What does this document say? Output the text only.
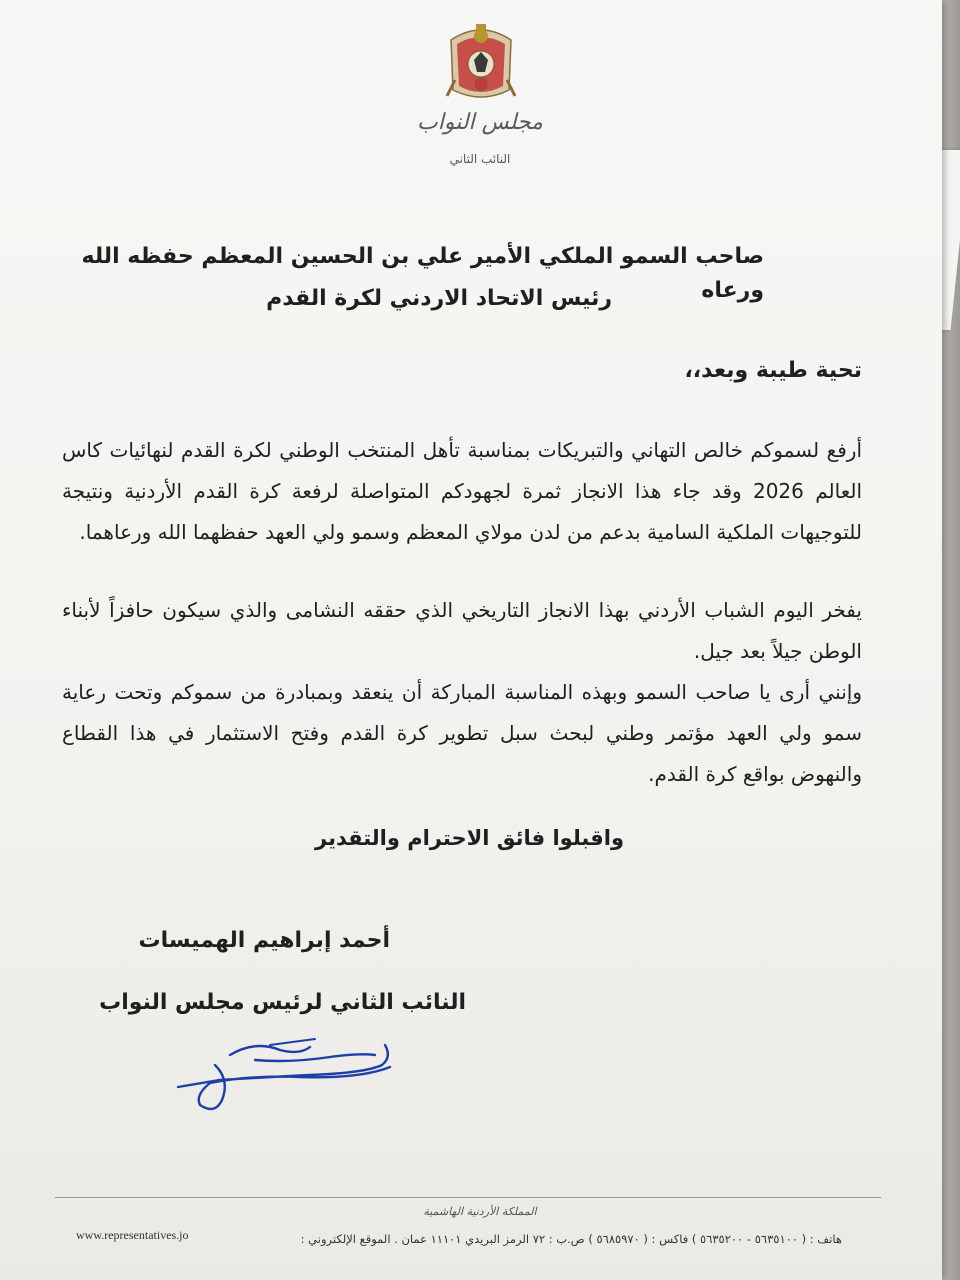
مجلس النواب
النائب الثاني
صاحب السمو الملكي الأمير علي بن الحسين المعظم حفظه الله ورعاه
رئيس الاتحاد الاردني لكرة القدم
تحية طيبة وبعد،،
أرفع لسموكم خالص التهاني والتبريكات بمناسبة تأهل المنتخب الوطني لكرة القدم لنهائيات كاس العالم 2026 وقد جاء هذا الانجاز ثمرة لجهودكم المتواصلة لرفعة كرة القدم الأردنية ونتيجة للتوجيهات الملكية السامية بدعم من لدن مولاي المعظم وسمو ولي العهد حفظهما الله ورعاهما.
يفخر اليوم الشباب الأردني بهذا الانجاز التاريخي الذي حققه النشامى والذي سيكون حافزاً لأبناء الوطن جيلاً بعد جيل.
وإنني أرى يا صاحب السمو وبهذه المناسبة المباركة أن ينعقد وبمبادرة من سموكم وتحت رعاية سمو ولي العهد مؤتمر وطني لبحث سبل تطوير كرة القدم وفتح الاستثمار في هذا القطاع والنهوض بواقع كرة القدم.
واقبلوا فائق الاحترام والتقدير
أحمد إبراهيم الهميسات
النائب الثاني لرئيس مجلس النواب
المملكة الأردنية الهاشمية
هاتف : ( ٥٦٣٥١٠٠ - ٥٦٣٥٢٠٠ ) فاكس : ( ٥٦٨٥٩٧٠ ) ص.ب : ٧٢ الرمز البريدي ١١١٠١ عمان . الموقع الإلكتروني :
www.representatives.jo
